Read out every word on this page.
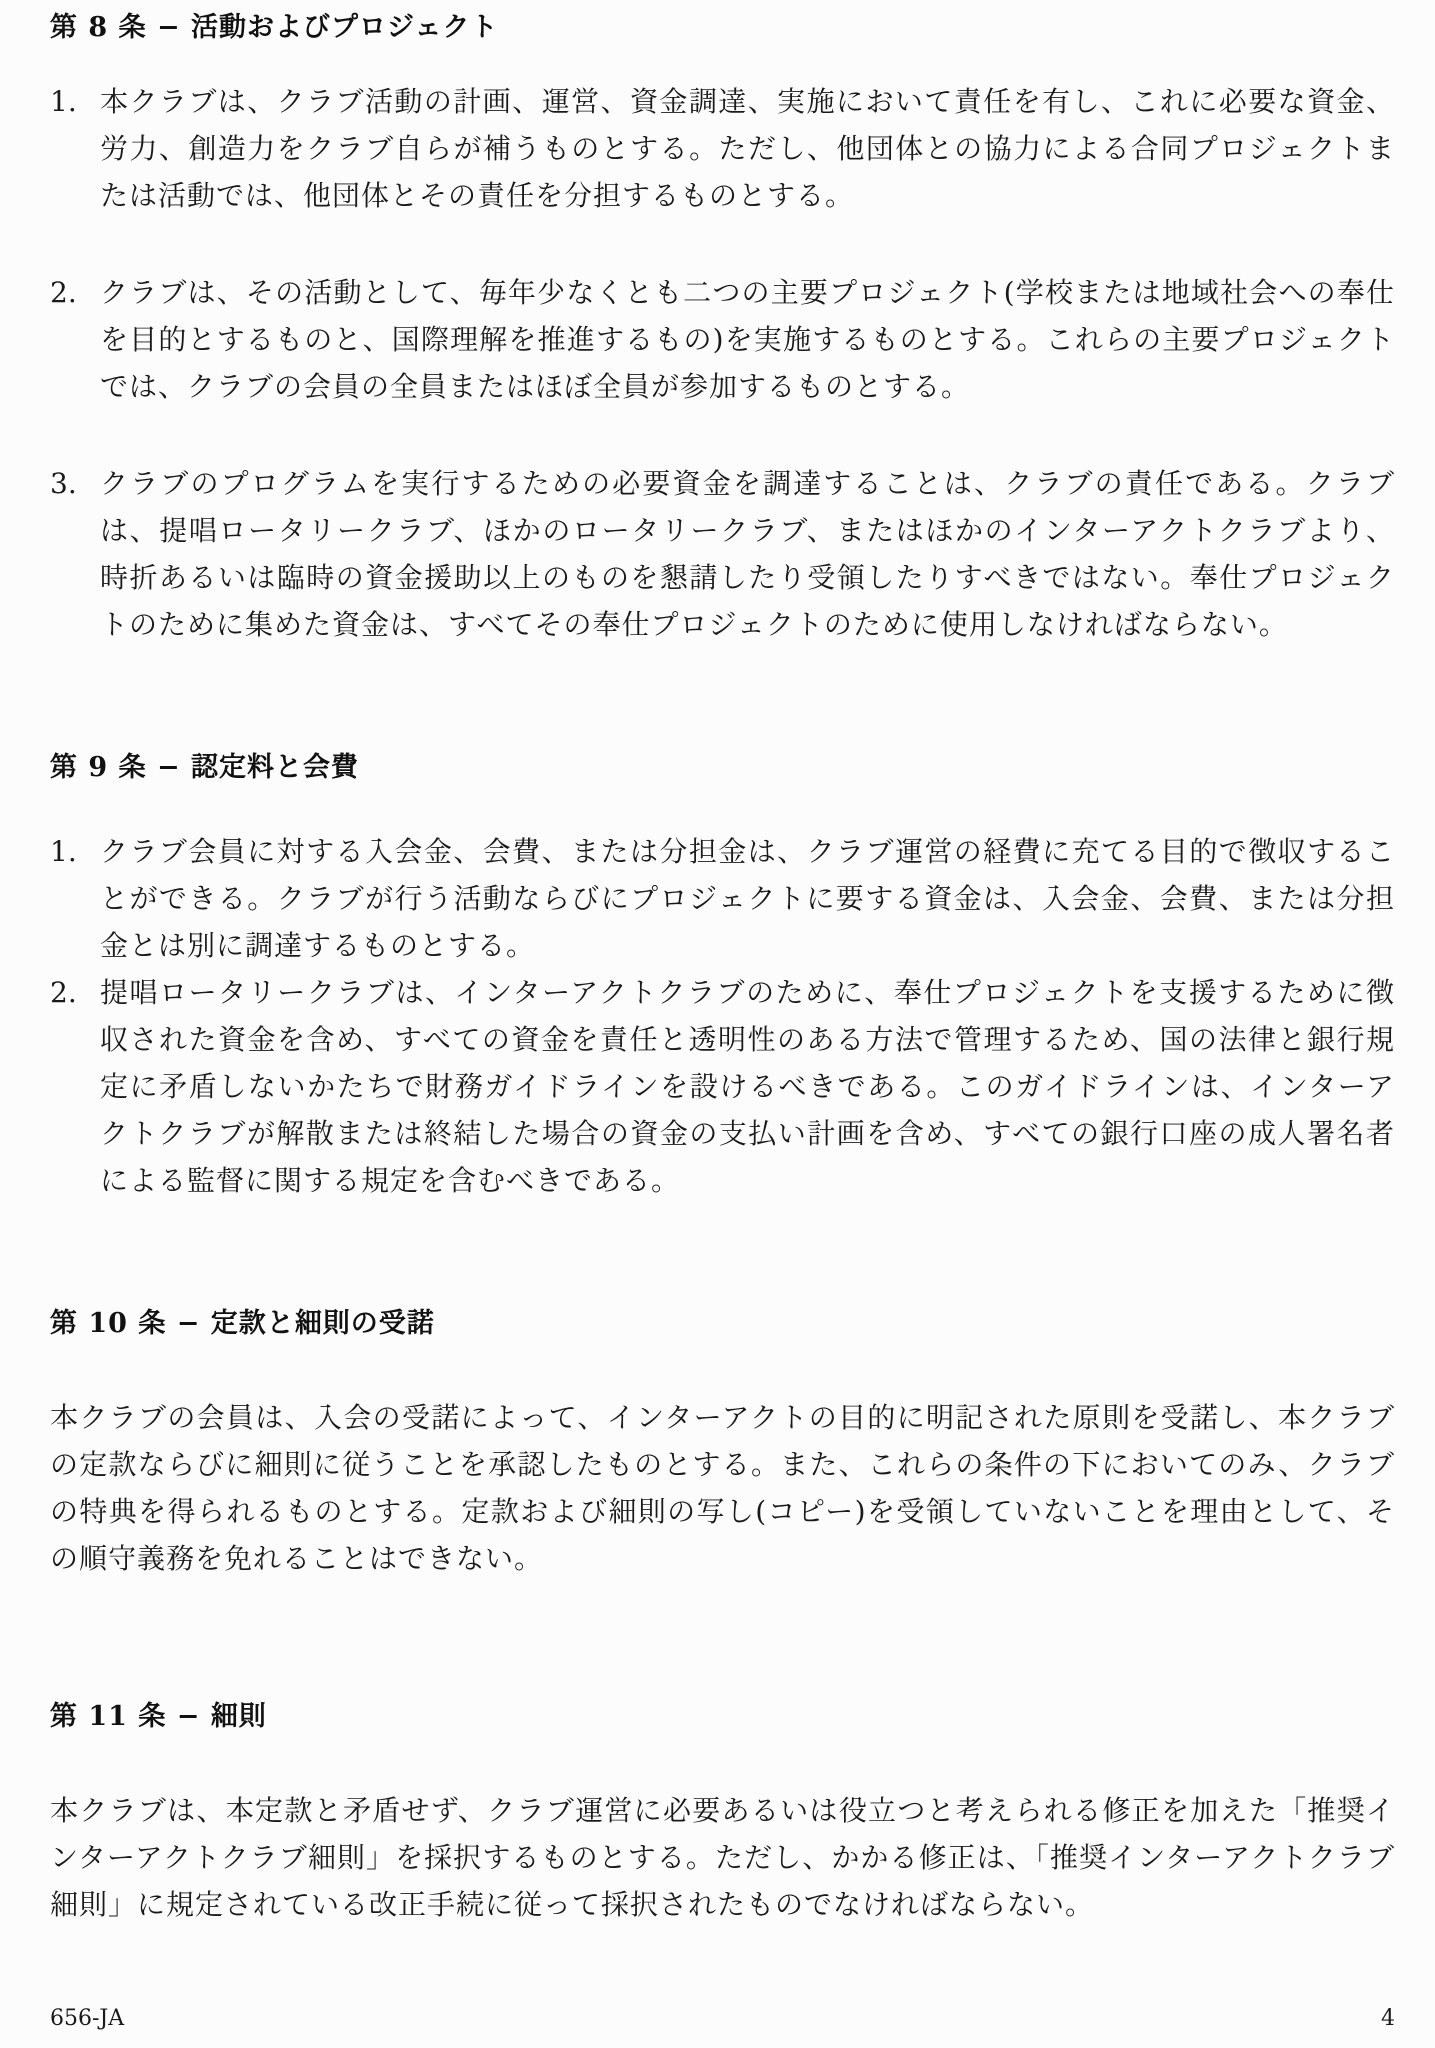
第 8 条 − 活動およびプロジェクト
1. 本クラブは、クラブ活動の計画、運営、資金調達、実施において責任を有し、これに必要な資金、労力、創造力をクラブ自らが補うものとする。ただし、他団体との協力による合同プロジェクトまたは活動では、他団体とその責任を分担するものとする。
2. クラブは、その活動として、毎年少なくとも二つの主要プロジェクト(学校または地域社会への奉仕を目的とするものと、国際理解を推進するもの)を実施するものとする。これらの主要プロジェクトでは、クラブの会員の全員またはほぼ全員が参加するものとする。
3. クラブのプログラムを実行するための必要資金を調達することは、クラブの責任である。クラブは、提唱ロータリークラブ、ほかのロータリークラブ、またはほかのインターアクトクラブより、時折あるいは臨時の資金援助以上のものを懇請したり受領したりすべきではない。奉仕プロジェクトのために集めた資金は、すべてその奉仕プロジェクトのために使用しなければならない。
第 9 条 − 認定料と会費
1. クラブ会員に対する入会金、会費、または分担金は、クラブ運営の経費に充てる目的で徴収することができる。クラブが行う活動ならびにプロジェクトに要する資金は、入会金、会費、または分担金とは別に調達するものとする。
2. 提唱ロータリークラブは、インターアクトクラブのために、奉仕プロジェクトを支援するために徴収された資金を含め、すべての資金を責任と透明性のある方法で管理するため、国の法律と銀行規定に矛盾しないかたちで財務ガイドラインを設けるべきである。このガイドラインは、インターアクトクラブが解散または終結した場合の資金の支払い計画を含め、すべての銀行口座の成人署名者による監督に関する規定を含むべきである。
第 10 条 − 定款と細則の受諾

本クラブの会員は、入会の受諾によって、インターアクトの目的に明記された原則を受諾し、本クラブの定款ならびに細則に従うことを承認したものとする。また、これらの条件の下においてのみ、クラブの特典を得られるものとする。定款および細則の写し(コピー)を受領していないことを理由として、その順守義務を免れることはできない。

第 11 条 − 細則

本クラブは、本定款と矛盾せず、クラブ運営に必要あるいは役立つと考えられる修正を加えた「推奨インターアクトクラブ細則」を採択するものとする。ただし、かかる修正は、「推奨インターアクトクラブ細則」に規定されている改正手続に従って採択されたものでなければならない。

656-JA	4
